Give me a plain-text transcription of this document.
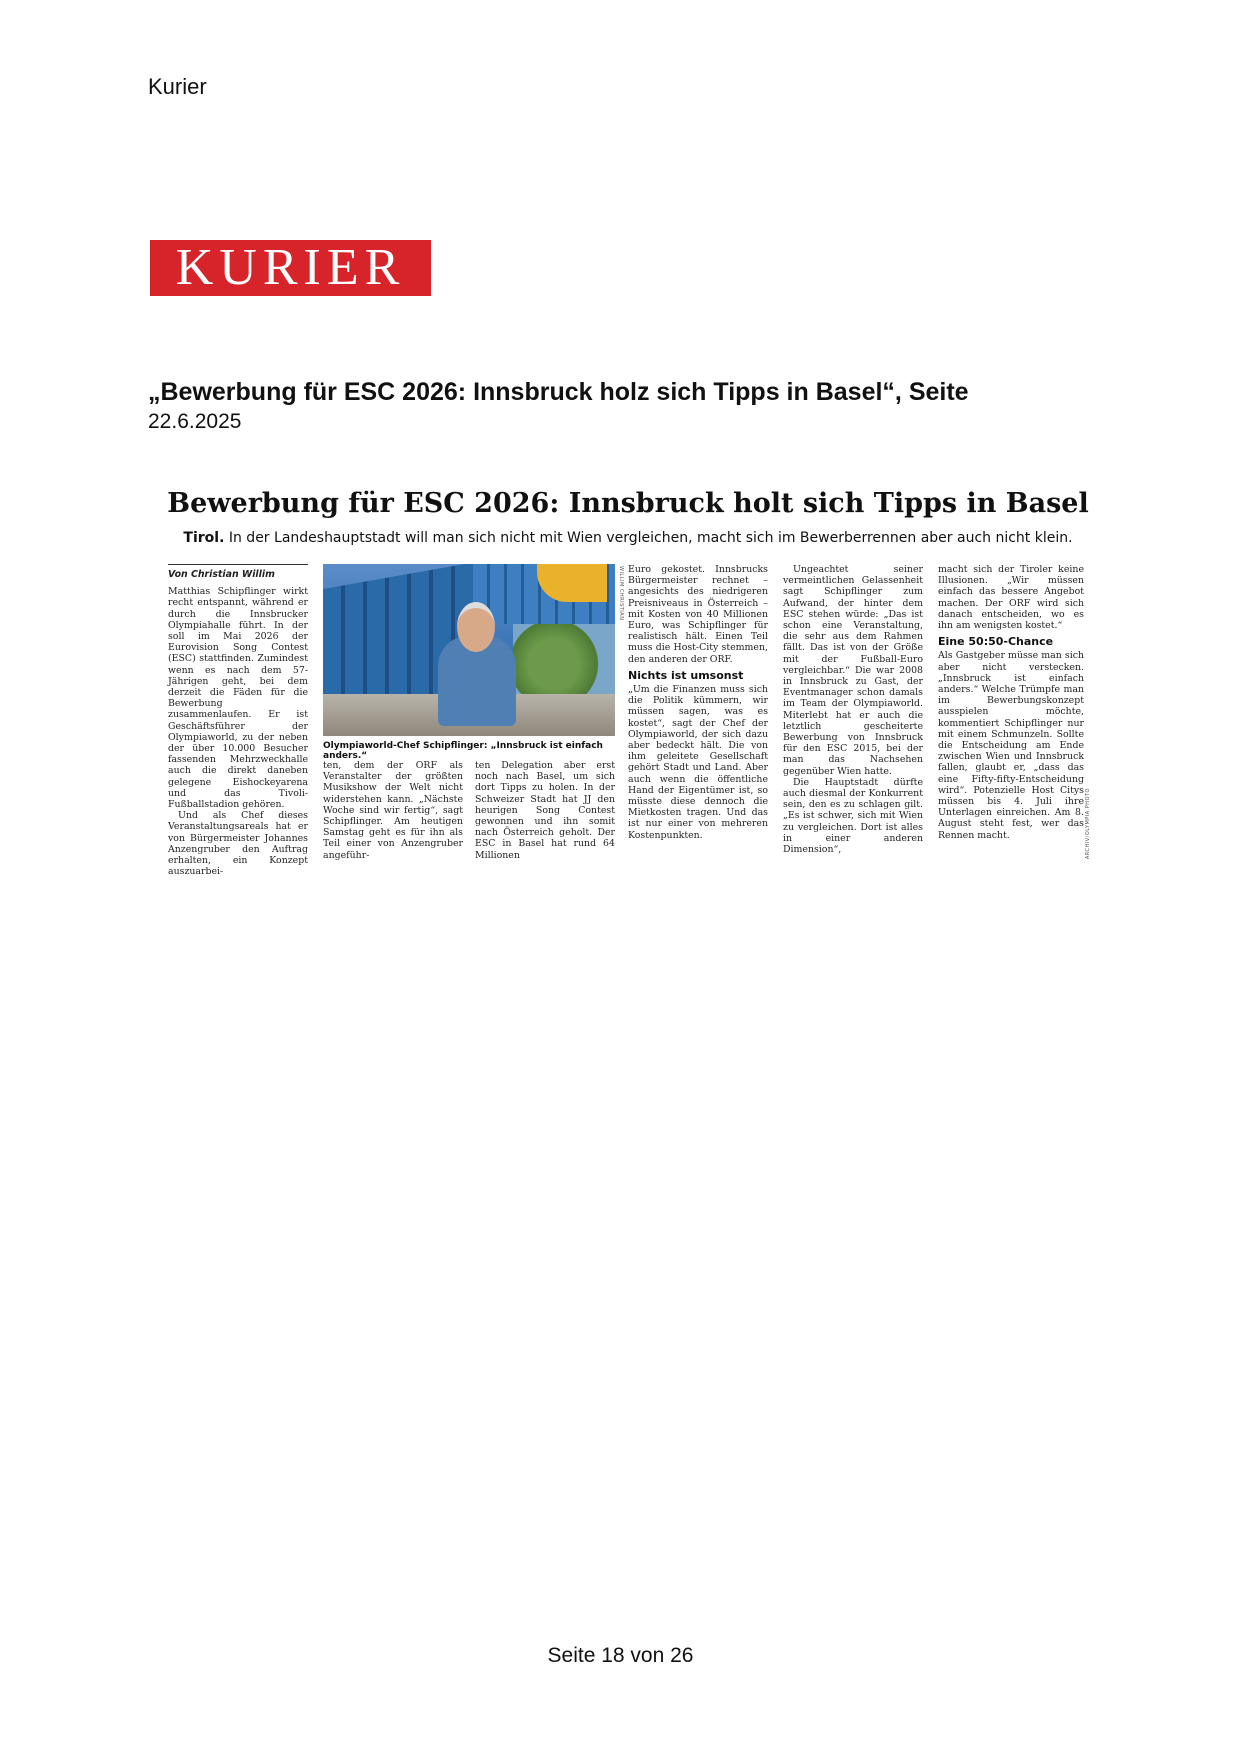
Kurier
KURIER
„Bewerbung für ESC 2026: Innsbruck holz sich Tipps in Basel“, Seite
22.6.2025
Bewerbung für ESC 2026: Innsbruck holt sich Tipps in Basel
Tirol. In der Landeshauptstadt will man sich nicht mit Wien vergleichen, macht sich im Bewerberrennen aber auch nicht klein.
Von Christian Willim

Matthias Schipflinger wirkt recht entspannt, während er durch die Innsbrucker Olympiahalle führt. In der soll im Mai 2026 der Eurovision Song Contest (ESC) stattfinden. Zumindest wenn es nach dem 57-Jährigen geht, bei dem derzeit die Fäden für die Bewerbung zusammenlaufen. Er ist Geschäftsführer der Olympiaworld, zu der neben der über 10.000 Besucher fassenden Mehrzweckhalle auch die direkt daneben gelegene Eishockeyarena und das Tivoli-Fußballstadion gehören.

Und als Chef dieses Veranstaltungsareals hat er von Bürgermeister Johannes Anzengruber den Auftrag erhalten, ein Konzept auszuarbei-

WILLIM CHRISTIAN
Olympiaworld-Chef Schipflinger: „Innsbruck ist einfach anders.“

ten, dem der ORF als Veranstalter der größten Musikshow der Welt nicht widerstehen kann. „Nächste Woche sind wir fertig“, sagt Schipflinger. Am heutigen Samstag geht es für ihn als Teil einer von Anzengruber angeführ-

ten Delegation aber erst noch nach Basel, um sich dort Tipps zu holen. In der Schweizer Stadt hat JJ den heurigen Song Contest gewonnen und ihn somit nach Österreich geholt. Der ESC in Basel hat rund 64 Millionen

Euro gekostet. Innsbrucks Bürgermeister rechnet – angesichts des niedrigeren Preisniveaus in Österreich – mit Kosten von 40 Millionen Euro, was Schipflinger für realistisch hält. Einen Teil muss die Host-City stemmen, den anderen der ORF.

Nichts ist umsonst

„Um die Finanzen muss sich die Politik kümmern, wir müssen sagen, was es kostet“, sagt der Chef der Olympiaworld, der sich dazu aber bedeckt hält. Die von ihm geleitete Gesellschaft gehört Stadt und Land. Aber auch wenn die öffentliche Hand der Eigentümer ist, so müsste diese dennoch die Mietkosten tragen. Und das ist nur einer von mehreren Kostenpunkten.

Ungeachtet seiner vermeintlichen Gelassenheit sagt Schipflinger zum Aufwand, der hinter dem ESC stehen würde: „Das ist schon eine Veranstaltung, die sehr aus dem Rahmen fällt. Das ist von der Größe mit der Fußball-Euro vergleichbar.“ Die war 2008 in Innsbruck zu Gast, der Eventmanager schon damals im Team der Olympiaworld. Miterlebt hat er auch die letztlich gescheiterte Bewerbung von Innsbruck für den ESC 2015, bei der man das Nachsehen gegenüber Wien hatte.

Die Hauptstadt dürfte auch diesmal der Konkurrent sein, den es zu schlagen gilt. „Es ist schwer, sich mit Wien zu vergleichen. Dort ist alles in einer anderen Dimension“,

macht sich der Tiroler keine Illusionen. „Wir müssen einfach das bessere Angebot machen. Der ORF wird sich danach entscheiden, wo es ihn am wenigsten kostet.“

Eine 50:50-Chance

Als Gastgeber müsse man sich aber nicht verstecken. „Innsbruck ist einfach anders.“ Welche Trümpfe man im Bewerbungskonzept ausspielen möchte, kommentiert Schipflinger nur mit einem Schmunzeln. Sollte die Entscheidung am Ende zwischen Wien und Innsbruck fallen, glaubt er, „dass das eine Fifty-fifty-Entscheidung wird“. Potenzielle Host Citys müssen bis 4. Juli ihre Unterlagen einreichen. Am 8. August steht fest, wer das Rennen macht.	ARCHIV/OLYMPIA PHOTO
Seite 18 von 26
